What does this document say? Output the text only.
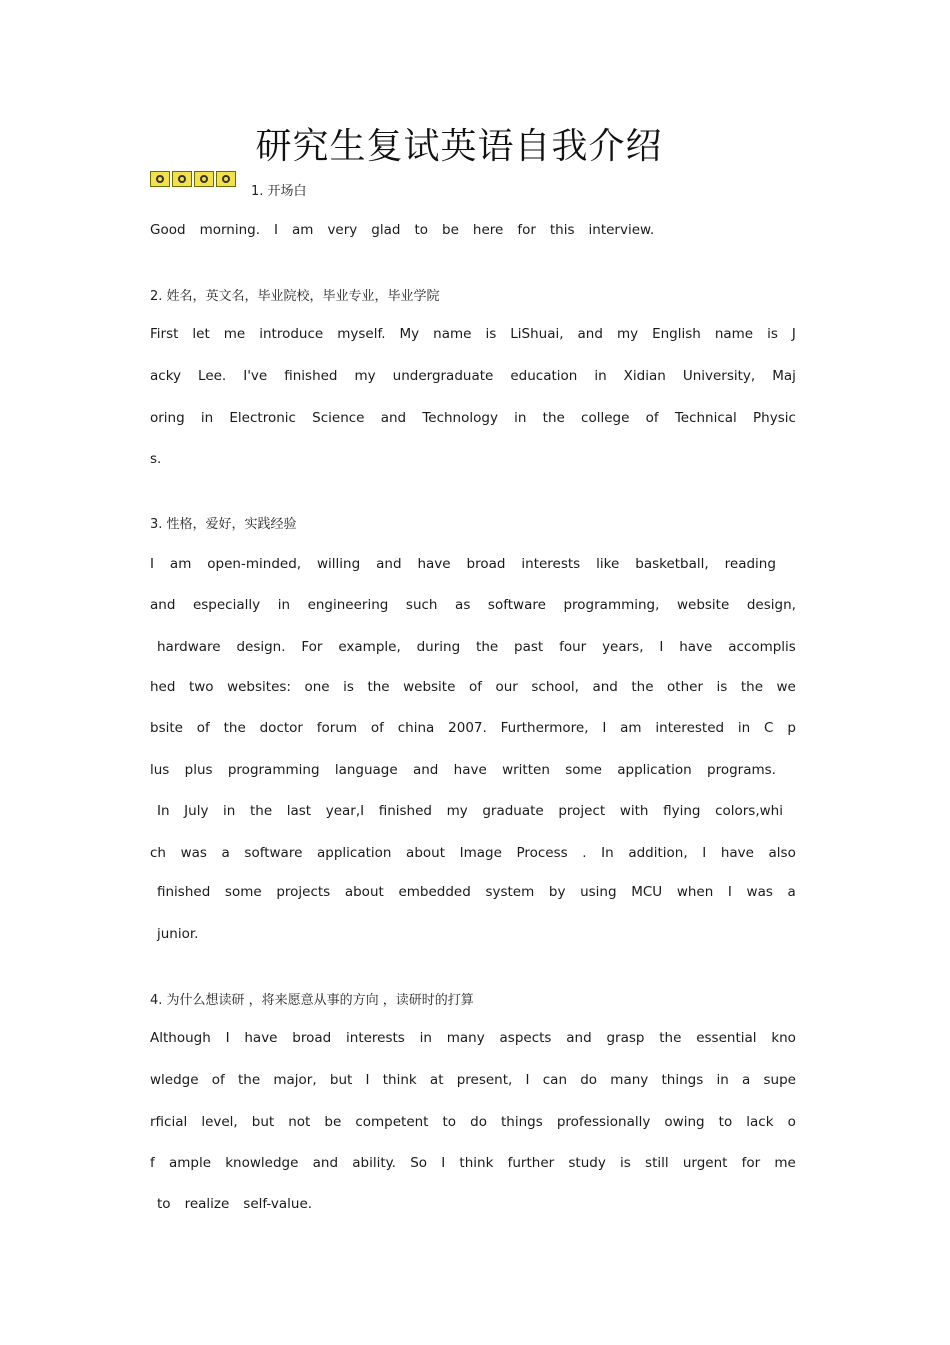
研究生复试英语自我介绍
1. 开场白
Good morning. I am very glad to be here for this interview.
2. 姓名，英文名，毕业院校，毕业专业，毕业学院
First let me introduce myself. My name is LiShuai, and my English name is J
acky Lee. I've finished my undergraduate education in Xidian University, Maj
oring in Electronic Science and Technology in the college of Technical Physic
s.
3. 性格，爱好，实践经验
I am open-minded, willing and have broad interests like basketball, reading
and especially in engineering such as software programming, website design,
hardware design. For example, during the past four years, I have accomplis
hed two websites: one is the website of our school, and the other is the we
bsite of the doctor forum of china 2007. Furthermore, I am interested in C p
lus plus programming language and have written some application programs.
In July in the last year,I finished my graduate project with flying colors,whi
ch was a software application about Image Process . In addition, I have also
finished some projects about embedded system by using MCU when I was a
junior.
4. 为什么想读研 ，将来愿意从事的方向 ，读研时的打算
Although I have broad interests in many aspects and grasp the essential kno
wledge of the major, but I think at present, I can do many things in a supe
rficial level, but not be competent to do things professionally owing to lack o
f ample knowledge and ability. So I think further study is still urgent for me
to realize self-value.
